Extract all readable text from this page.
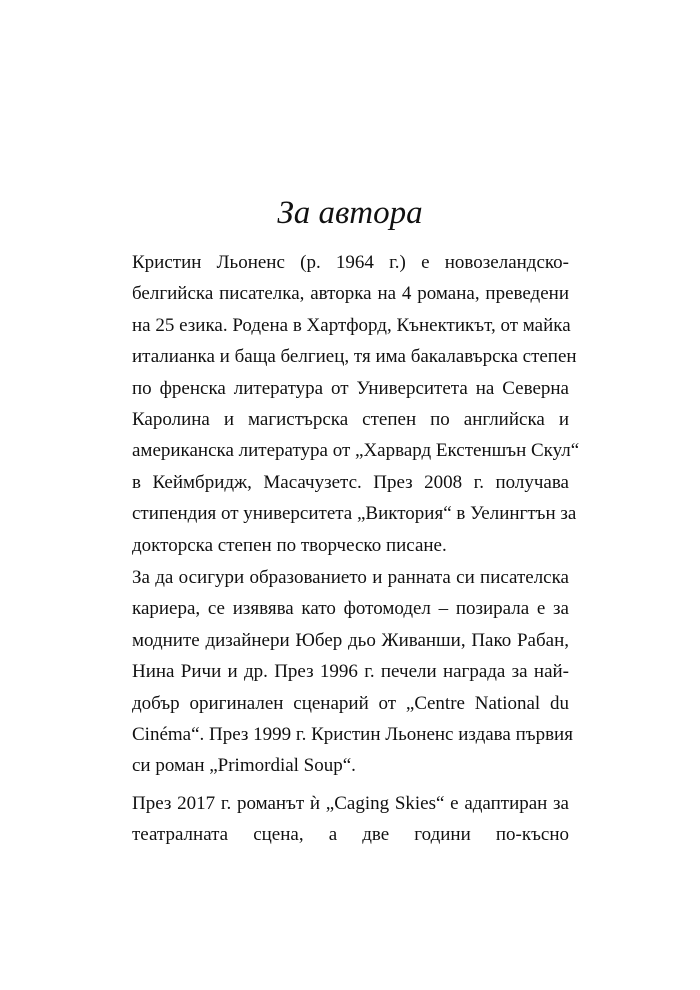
За автора

Кристин Льоненс (р. 1964 г.) е новозеландско-
белгийска писателка, авторка на 4 романа, преведени
на 25 езика. Родена в Хартфорд, Кънектикът, от майка
италианка и баща белгиец, тя има бакалавърска степен
по френска литература от Университета на Северна
Каролина и магистърска степен по английска и
американска литература от „Харвард Екстеншън Скул“
в Кеймбридж, Масачузетс. През 2008 г. получава
стипендия от университета „Виктория“ в Уелингтън за
докторска степен по творческо писане.

За да осигури образованието и ранната си писателска
кариера, се изявява като фотомодел – позирала е за
модните дизайнери Юбер дьо Живанши, Пако Рабан,
Нина Ричи и др. През 1996 г. печели награда за най-
добър оригинален сценарий от „Centre National du
Cinéma“. През 1999 г. Кристин Льоненс издава първия
си роман „Primordial Soup“.

През 2017 г. романът ѝ „Caging Skies“ е адаптиран за
театралната сцена, а две години по-късно
